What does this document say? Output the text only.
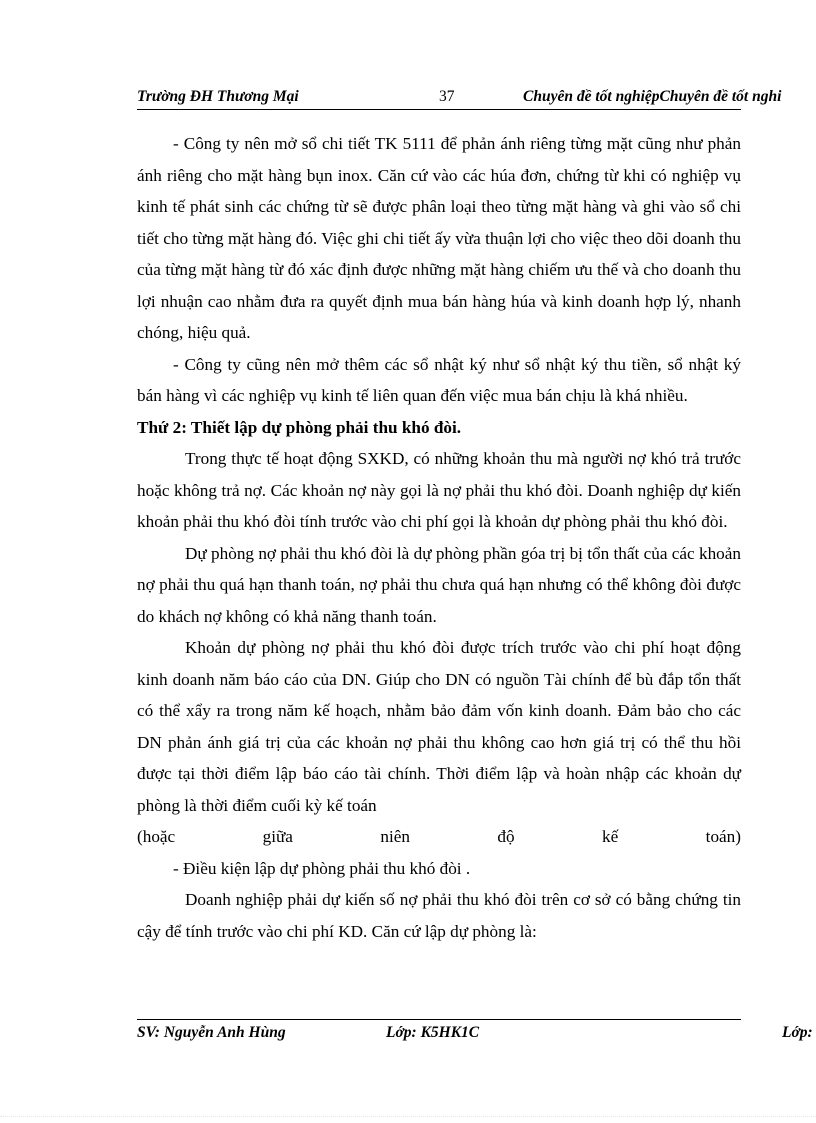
Trường ĐH Thương Mại	37	Chuyên đề tốt nghiệpChuyên đề tốt nghi

- Công ty nên mở sổ chi tiết TK 5111 để phản ánh riêng từng mặt cũng như phản ánh riêng cho mặt hàng bụn inox. Căn cứ vào các húa đơn, chứng từ khi có nghiệp vụ kinh tế phát sinh các chứng từ sẽ được phân loại theo từng mặt hàng và ghi vào sổ chi tiết cho từng mặt hàng đó. Việc ghi chi tiết ấy vừa thuận lợi cho việc theo dõi doanh thu của từng mặt hàng từ đó xác định được những mặt hàng chiếm ưu thế và cho doanh thu lợi nhuận cao nhằm đưa ra quyết định mua bán hàng húa và kinh doanh hợp lý, nhanh chóng, hiệu quả.

- Công ty cũng nên mở thêm các sổ nhật ký như sổ nhật ký thu tiền, sổ nhật ký bán hàng vì các nghiệp vụ kinh tế liên quan đến việc mua bán chịu là khá nhiều.

Thứ 2: Thiết lập dự phòng phải thu khó đòi.

Trong thực tế hoạt động SXKD, có những khoản thu mà người nợ khó trả trước hoặc không trả nợ. Các khoản nợ này gọi là nợ phải thu khó đòi. Doanh nghiệp dự kiến khoản phải thu khó đòi tính trước vào chi phí gọi là khoản dự phòng phải thu khó đòi.

Dự phòng nợ phải thu khó đòi là dự phòng phần góa trị bị tổn thất của các khoản nợ phải thu quá hạn thanh toán, nợ phải thu chưa quá hạn nhưng có thể không đòi được do khách nợ không có khả năng thanh toán.

Khoản dự phòng nợ phải thu khó đòi được trích trước vào chi phí hoạt động kinh doanh năm báo cáo của DN. Giúp cho DN có nguồn Tài chính để bù đắp tổn thất có thể xẩy ra trong năm kế hoạch, nhằm bảo đảm vốn kinh doanh. Đảm bảo cho các DN phản ánh giá trị của các khoản nợ phải thu không cao hơn giá trị có thể thu hồi được tại thời điểm lập báo cáo tài chính. Thời điểm lập và hoàn nhập các khoản dự phòng là thời điểm cuối kỳ kế toán

(hoặc giữa niên độ kế toán)

- Điều kiện lập dự phòng phải thu khó đòi .

Doanh nghiệp phải dự kiến số nợ phải thu khó đòi trên cơ sở có bằng chứng tin cậy để tính trước vào chi phí KD. Căn cứ lập dự phòng là:

SV: Nguyễn Anh Hùng	Lớp: K5HK1C	Lớp:
